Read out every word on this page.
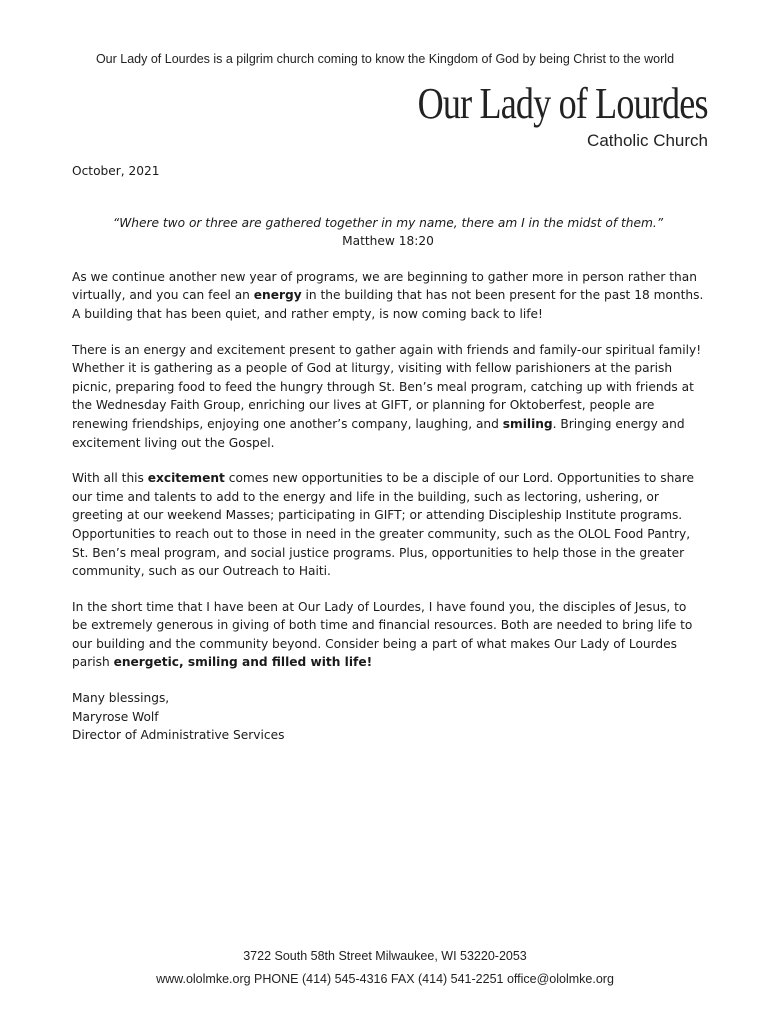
Our Lady of Lourdes is a pilgrim church coming to know the Kingdom of God by being Christ to the world
Our Lady of Lourdes
Catholic Church

October, 2021

“Where two or three are gathered together in my name, there am I in the midst of them.”
Matthew 18:20

As we continue another new year of programs, we are beginning to gather more in person rather than virtually, and you can feel an energy in the building that has not been present for the past 18 months. A building that has been quiet, and rather empty, is now coming back to life!

There is an energy and excitement present to gather again with friends and family-our spiritual family! Whether it is gathering as a people of God at liturgy, visiting with fellow parishioners at the parish picnic, preparing food to feed the hungry through St. Ben’s meal program, catching up with friends at the Wednesday Faith Group, enriching our lives at GIFT, or planning for Oktoberfest, people are renewing friendships, enjoying one another’s company, laughing, and smiling. Bringing energy and excitement living out the Gospel.

With all this excitement comes new opportunities to be a disciple of our Lord. Opportunities to share our time and talents to add to the energy and life in the building, such as lectoring, ushering, or greeting at our weekend Masses; participating in GIFT; or attending Discipleship Institute programs. Opportunities to reach out to those in need in the greater community, such as the OLOL Food Pantry, St. Ben’s meal program, and social justice programs. Plus, opportunities to help those in the greater community, such as our Outreach to Haiti.

In the short time that I have been at Our Lady of Lourdes, I have found you, the disciples of Jesus, to be extremely generous in giving of both time and financial resources. Both are needed to bring life to our building and the community beyond. Consider being a part of what makes Our Lady of Lourdes parish energetic, smiling and filled with life!

Many blessings,
Maryrose Wolf
Director of Administrative Services
3722 South 58th Street Milwaukee, WI 53220-2053
www.ololmke.org PHONE (414) 545-4316 FAX (414) 541-2251 office@ololmke.org
